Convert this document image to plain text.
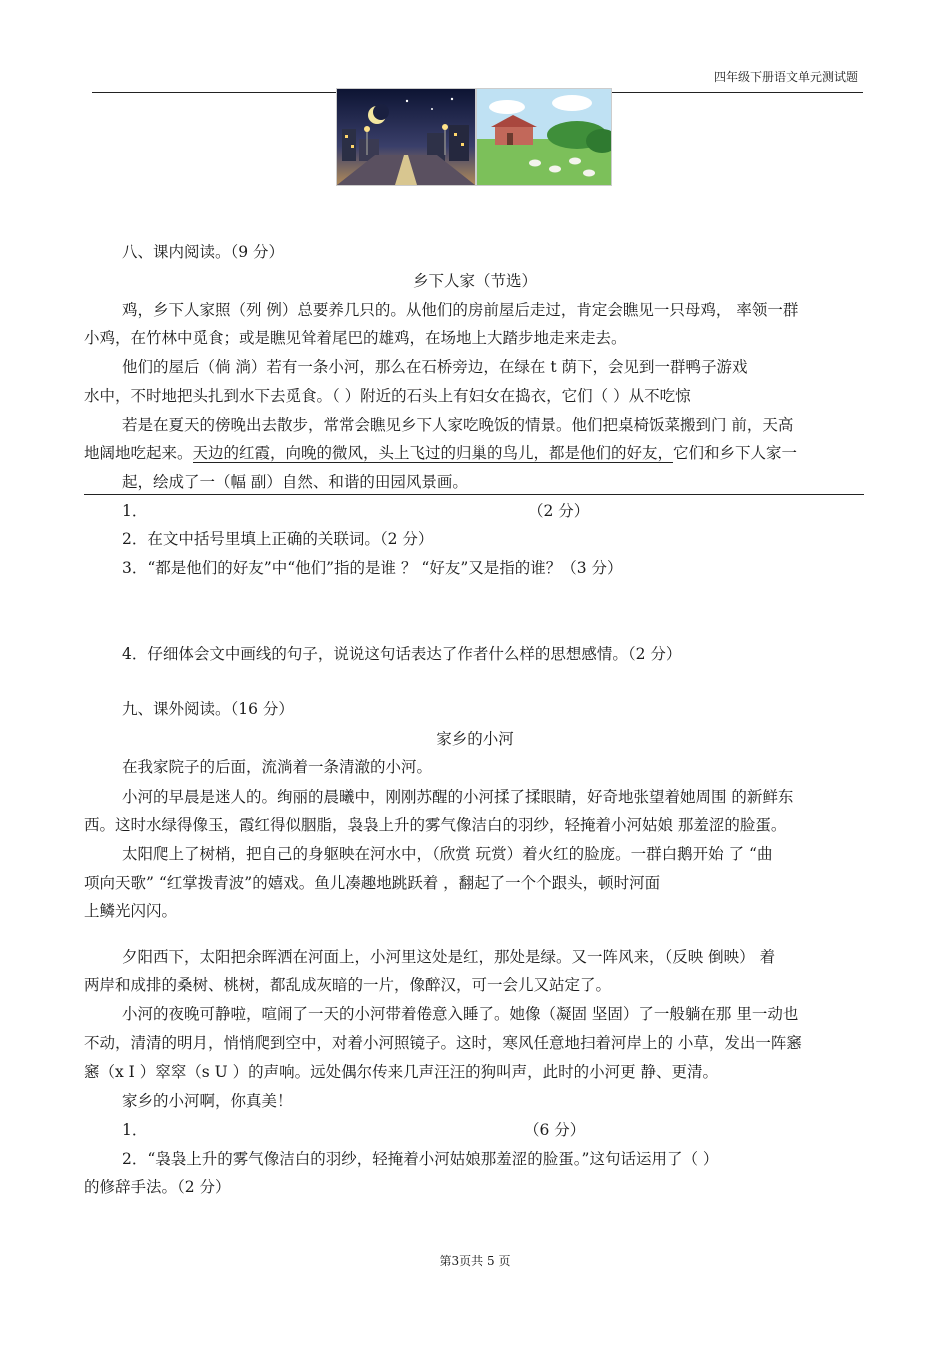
四年级下册语文单元测试题
八、课内阅读。（9 分）
乡下人家（节选）
鸡，乡下人家照（列 例）总要养几只的。从他们的房前屋后走过，肯定会瞧见一只母鸡， 率领一群
小鸡，在竹林中觅食；或是瞧见耸着尾巴的雄鸡，在场地上大踏步地走来走去。
他们的屋后（倘 淌）若有一条小河，那么在石桥旁边，在绿在 t 荫下，会见到一群鸭子游戏
水中，不时地把头扎到水下去觅食。（ ）附近的石头上有妇女在捣衣，它们（ ）从不吃惊
若是在夏天的傍晚出去散步，常常会瞧见乡下人家吃晚饭的情景。他们把桌椅饭菜搬到门 前，天高
地阔地吃起来。天边的红霞，向晚的微风，头上飞过的归巢的鸟儿，都是他们的好友，它们和乡下人家一
起，绘成了一（幅 副）自然、和谐的田园风景画。
1．	（2 分）
2．在文中括号里填上正确的关联词。（2 分）
3．“都是他们的好友”中“他们”指的是谁 ？ “好友”又是指的谁？（3 分）
4．仔细体会文中画线的句子，说说这句话表达了作者什么样的思想感情。（2 分）
九、课外阅读。（16 分）
家乡的小河
在我家院子的后面，流淌着一条清澈的小河。
小河的早晨是迷人的。绚丽的晨曦中，刚刚苏醒的小河揉了揉眼睛，好奇地张望着她周围 的新鲜东
西。这时水绿得像玉，霞红得似胭脂，袅袅上升的雾气像洁白的羽纱，轻掩着小河姑娘 那羞涩的脸蛋。
太阳爬上了树梢，把自己的身躯映在河水中，（欣赏 玩赏）着火红的脸庞。一群白鹅开始 了 “曲
项向天歌” “红掌拨青波”的嬉戏。鱼儿凑趣地跳跃着 ，翻起了一个个跟头，顿时河面
上鳞光闪闪。
夕阳西下，太阳把余晖洒在河面上，小河里这处是红，那处是绿。又一阵风来，（反映 倒映） 着
两岸和成排的桑树、桃树，都乱成灰暗的一片，像醉汉，可一会儿又站定了。
小河的夜晚可静啦，喧闹了一天的小河带着倦意入睡了。她像（凝固 坚固）了一般躺在那 里一动也
不动，清清的明月，悄悄爬到空中，对着小河照镜子。这时，寒风任意地扫着河岸上的 小草，发出一阵窸
窸（x I ）窣窣（s U ）的声响。远处偶尔传来几声汪汪的狗叫声，此时的小河更 静、更清。
家乡的小河啊，你真美！
1．	（6 分）
2．“袅袅上升的雾气像洁白的羽纱，轻掩着小河姑娘那羞涩的脸蛋。”这句话运用了（ ）
的修辞手法。（2 分）
第3页共 5 页
